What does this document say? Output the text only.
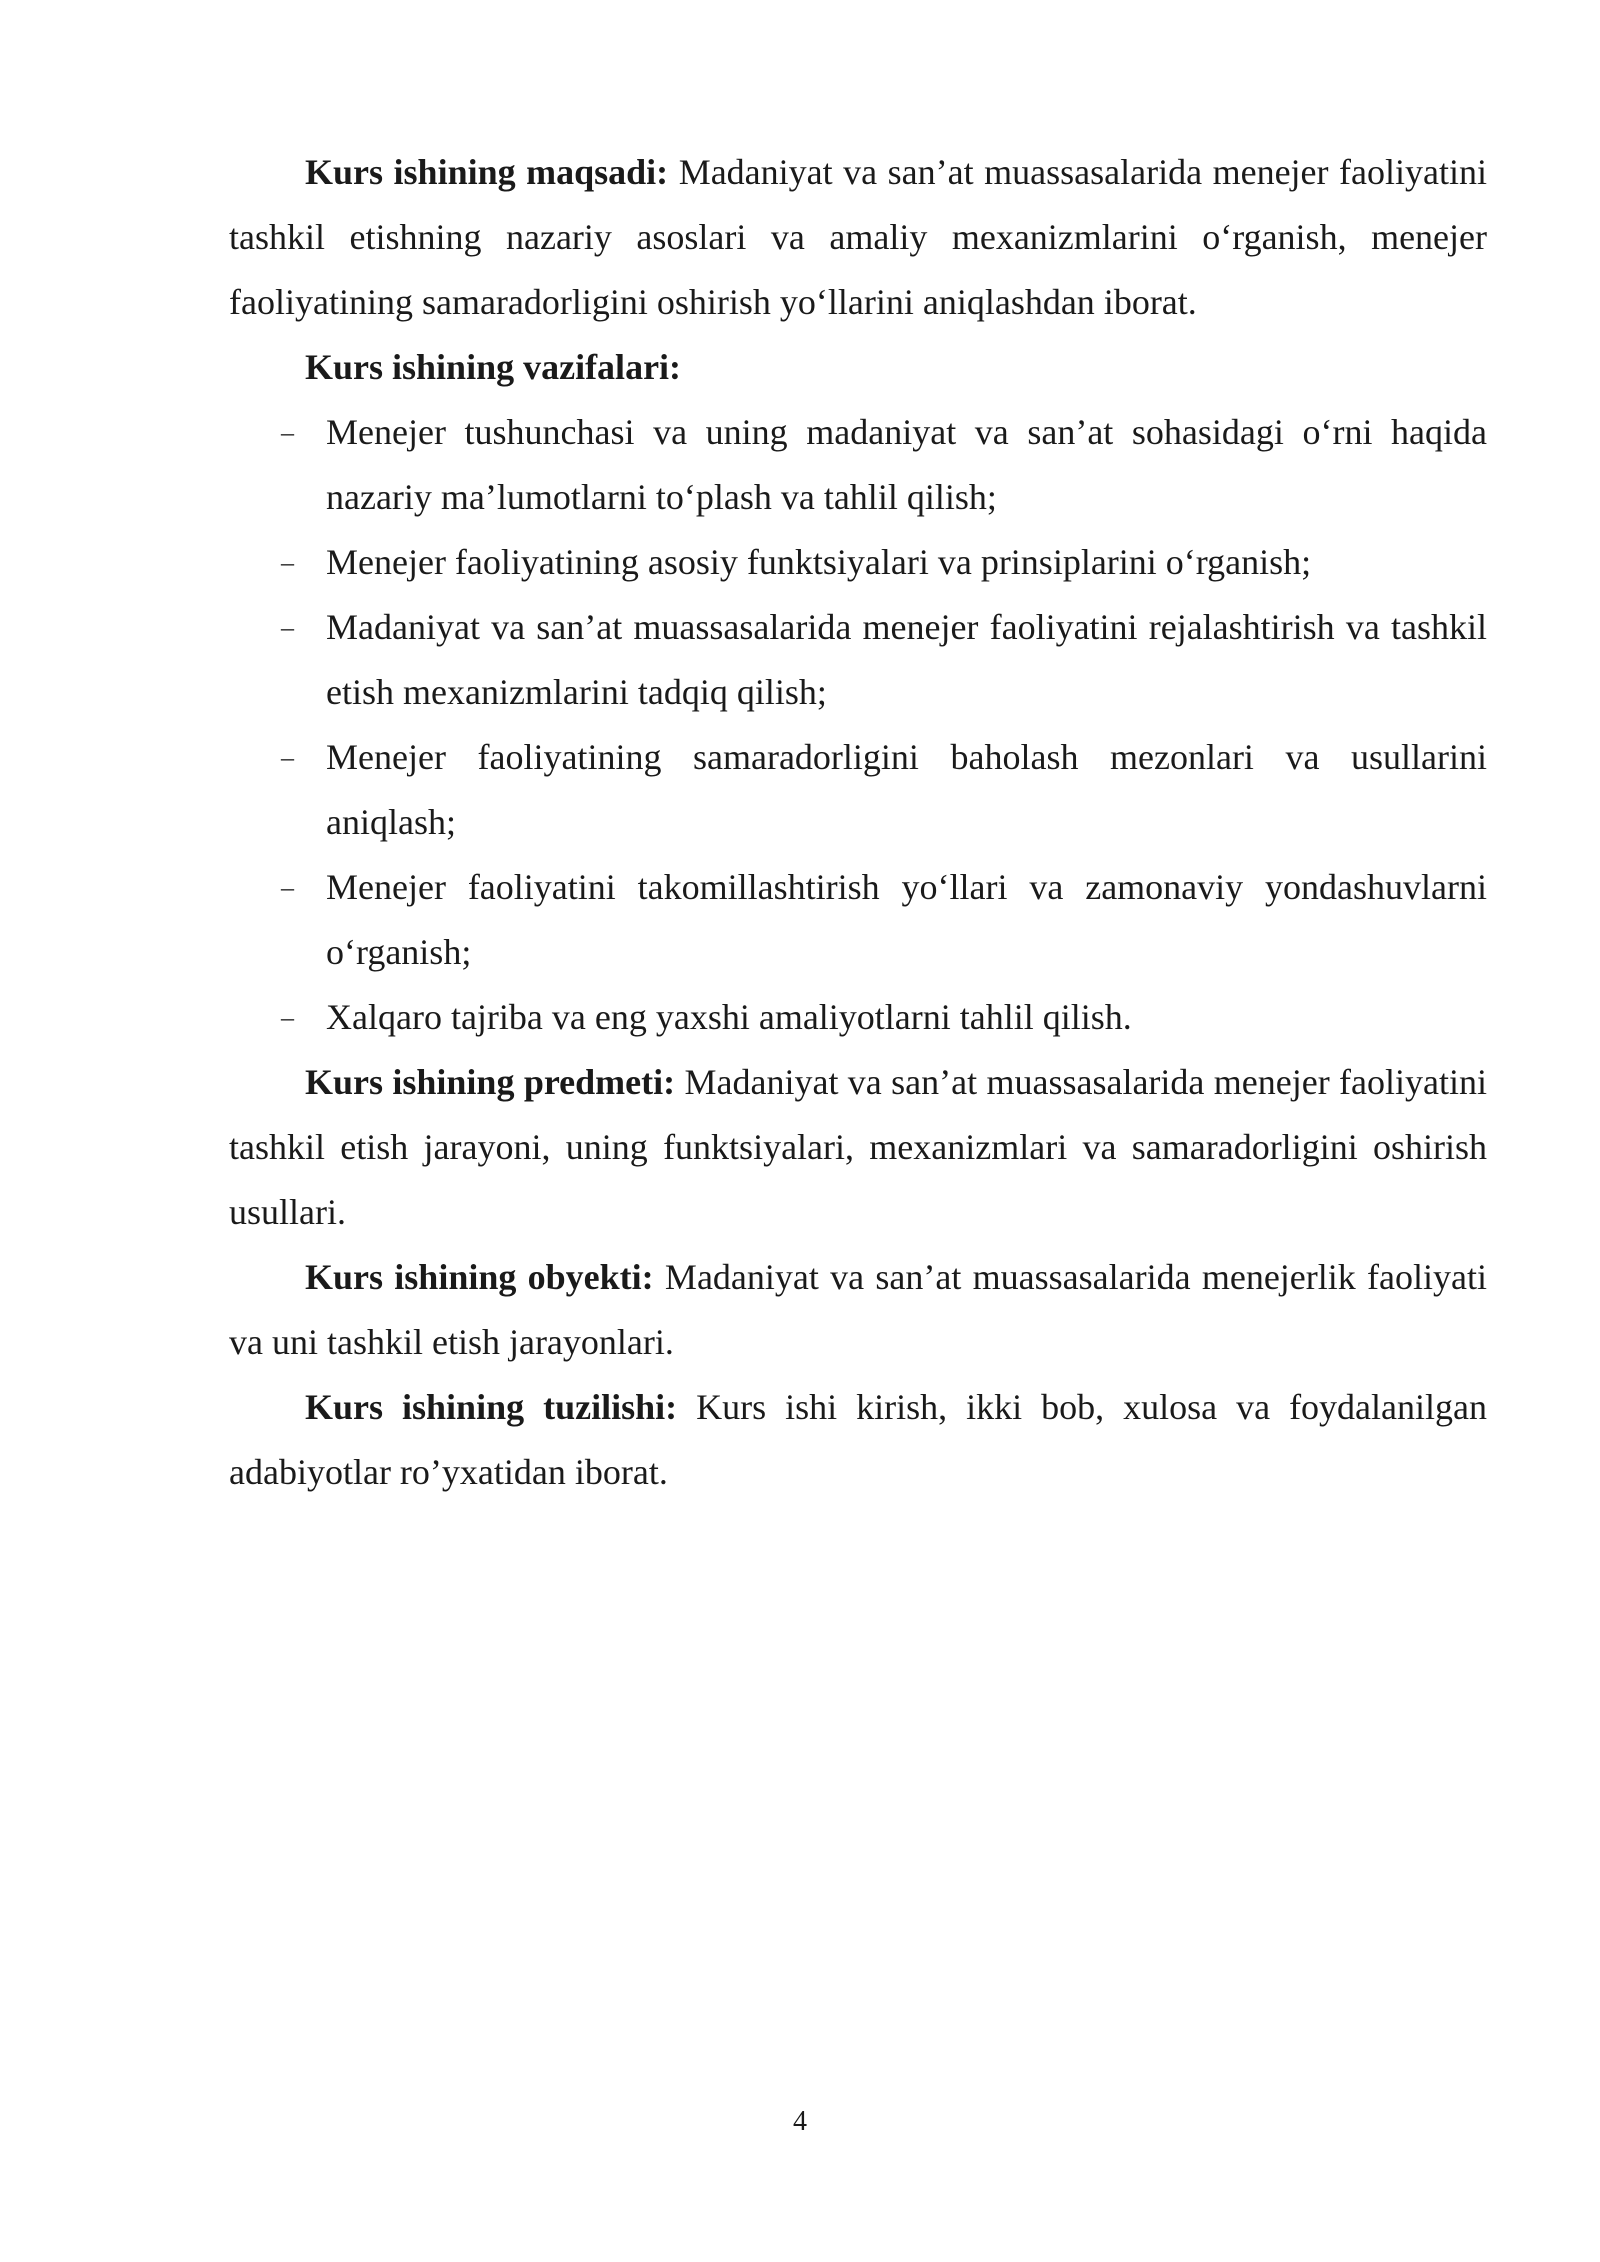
Kurs ishining maqsadi: Madaniyat va san’at muassasalarida menejer faoliyatini tashkil etishning nazariy asoslari va amaliy mexanizmlarini o‘rganish, menejer faoliyatining samaradorligini oshirish yo‘llarini aniqlashdan iborat.

Kurs ishining vazifalari:

– Menejer tushunchasi va uning madaniyat va san’at sohasidagi o‘rni haqida nazariy ma’lumotlarni to‘plash va tahlil qilish;
– Menejer faoliyatining asosiy funktsiyalari va prinsiplarini o‘rganish;
– Madaniyat va san’at muassasalarida menejer faoliyatini rejalashtirish va tashkil etish mexanizmlarini tadqiq qilish;
– Menejer faoliyatining samaradorligini baholash mezonlari va usullarini aniqlash;
– Menejer faoliyatini takomillashtirish yo‘llari va zamonaviy yondashuvlarni o‘rganish;
– Xalqaro tajriba va eng yaxshi amaliyotlarni tahlil qilish.

Kurs ishining predmeti: Madaniyat va san’at muassasalarida menejer faoliyatini tashkil etish jarayoni, uning funktsiyalari, mexanizmlari va samaradorligini oshirish usullari.

Kurs ishining obyekti: Madaniyat va san’at muassasalarida menejerlik faoliyati va uni tashkil etish jarayonlari.

Kurs ishining tuzilishi: Kurs ishi kirish, ikki bob, xulosa va foydalanilgan adabiyotlar ro’yxatidan iborat.

4
